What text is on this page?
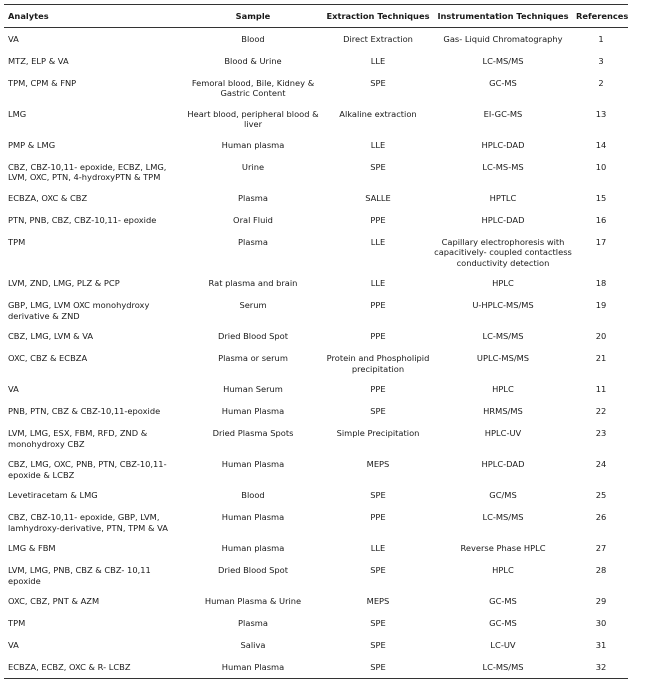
Analytes	Sample	Extraction Techniques	Instrumentation Techniques	References
VA	Blood	Direct Extraction	Gas- Liquid Chromatography	1
MTZ, ELP & VA	Blood & Urine	LLE	LC-MS/MS	3
TPM, CPM & FNP	Femoral blood, Bile, Kidney & Gastric Content	SPE	GC-MS	2
LMG	Heart blood, peripheral blood & liver	Alkaline extraction	EI-GC-MS	13
PMP & LMG	Human plasma	LLE	HPLC-DAD	14
CBZ, CBZ-10,11- epoxide, ECBZ, LMG, LVM, OXC, PTN, 4-hydroxyPTN & TPM	Urine	SPE	LC-MS-MS	10
ECBZA, OXC & CBZ	Plasma	SALLE	HPTLC	15
PTN, PNB, CBZ, CBZ-10,11- epoxide	Oral Fluid	PPE	HPLC-DAD	16
TPM	Plasma	LLE	Capillary electrophoresis with capacitively- coupled contactless conductivity detection	17
LVM, ZND, LMG, PLZ & PCP	Rat plasma and brain	LLE	HPLC	18
GBP, LMG, LVM OXC monohydroxy derivative & ZND	Serum	PPE	U-HPLC-MS/MS	19
CBZ, LMG, LVM & VA	Dried Blood Spot	PPE	LC-MS/MS	20
OXC, CBZ & ECBZA	Plasma or serum	Protein and Phospholipid precipitation	UPLC-MS/MS	21
VA	Human Serum	PPE	HPLC	11
PNB, PTN, CBZ & CBZ-10,11-epoxide	Human Plasma	SPE	HRMS/MS	22
LVM, LMG, ESX, FBM, RFD, ZND & monohydroxy CBZ	Dried Plasma Spots	Simple Precipitation	HPLC-UV	23
CBZ, LMG, OXC, PNB, PTN, CBZ-10,11-epoxide & LCBZ	Human Plasma	MEPS	HPLC-DAD	24
Levetiracetam & LMG	Blood	SPE	GC/MS	25
CBZ, CBZ-10,11- epoxide, GBP, LVM, lamhydroxy-derivative, PTN, TPM & VA	Human Plasma	PPE	LC-MS/MS	26
LMG & FBM	Human plasma	LLE	Reverse Phase HPLC	27
LVM, LMG, PNB, CBZ & CBZ- 10,11 epoxide	Dried Blood Spot	SPE	HPLC	28
OXC, CBZ, PNT & AZM	Human Plasma & Urine	MEPS	GC-MS	29
TPM	Plasma	SPE	GC-MS	30
VA	Saliva	SPE	LC-UV	31
ECBZA, ECBZ, OXC & R- LCBZ	Human Plasma	SPE	LC-MS/MS	32
